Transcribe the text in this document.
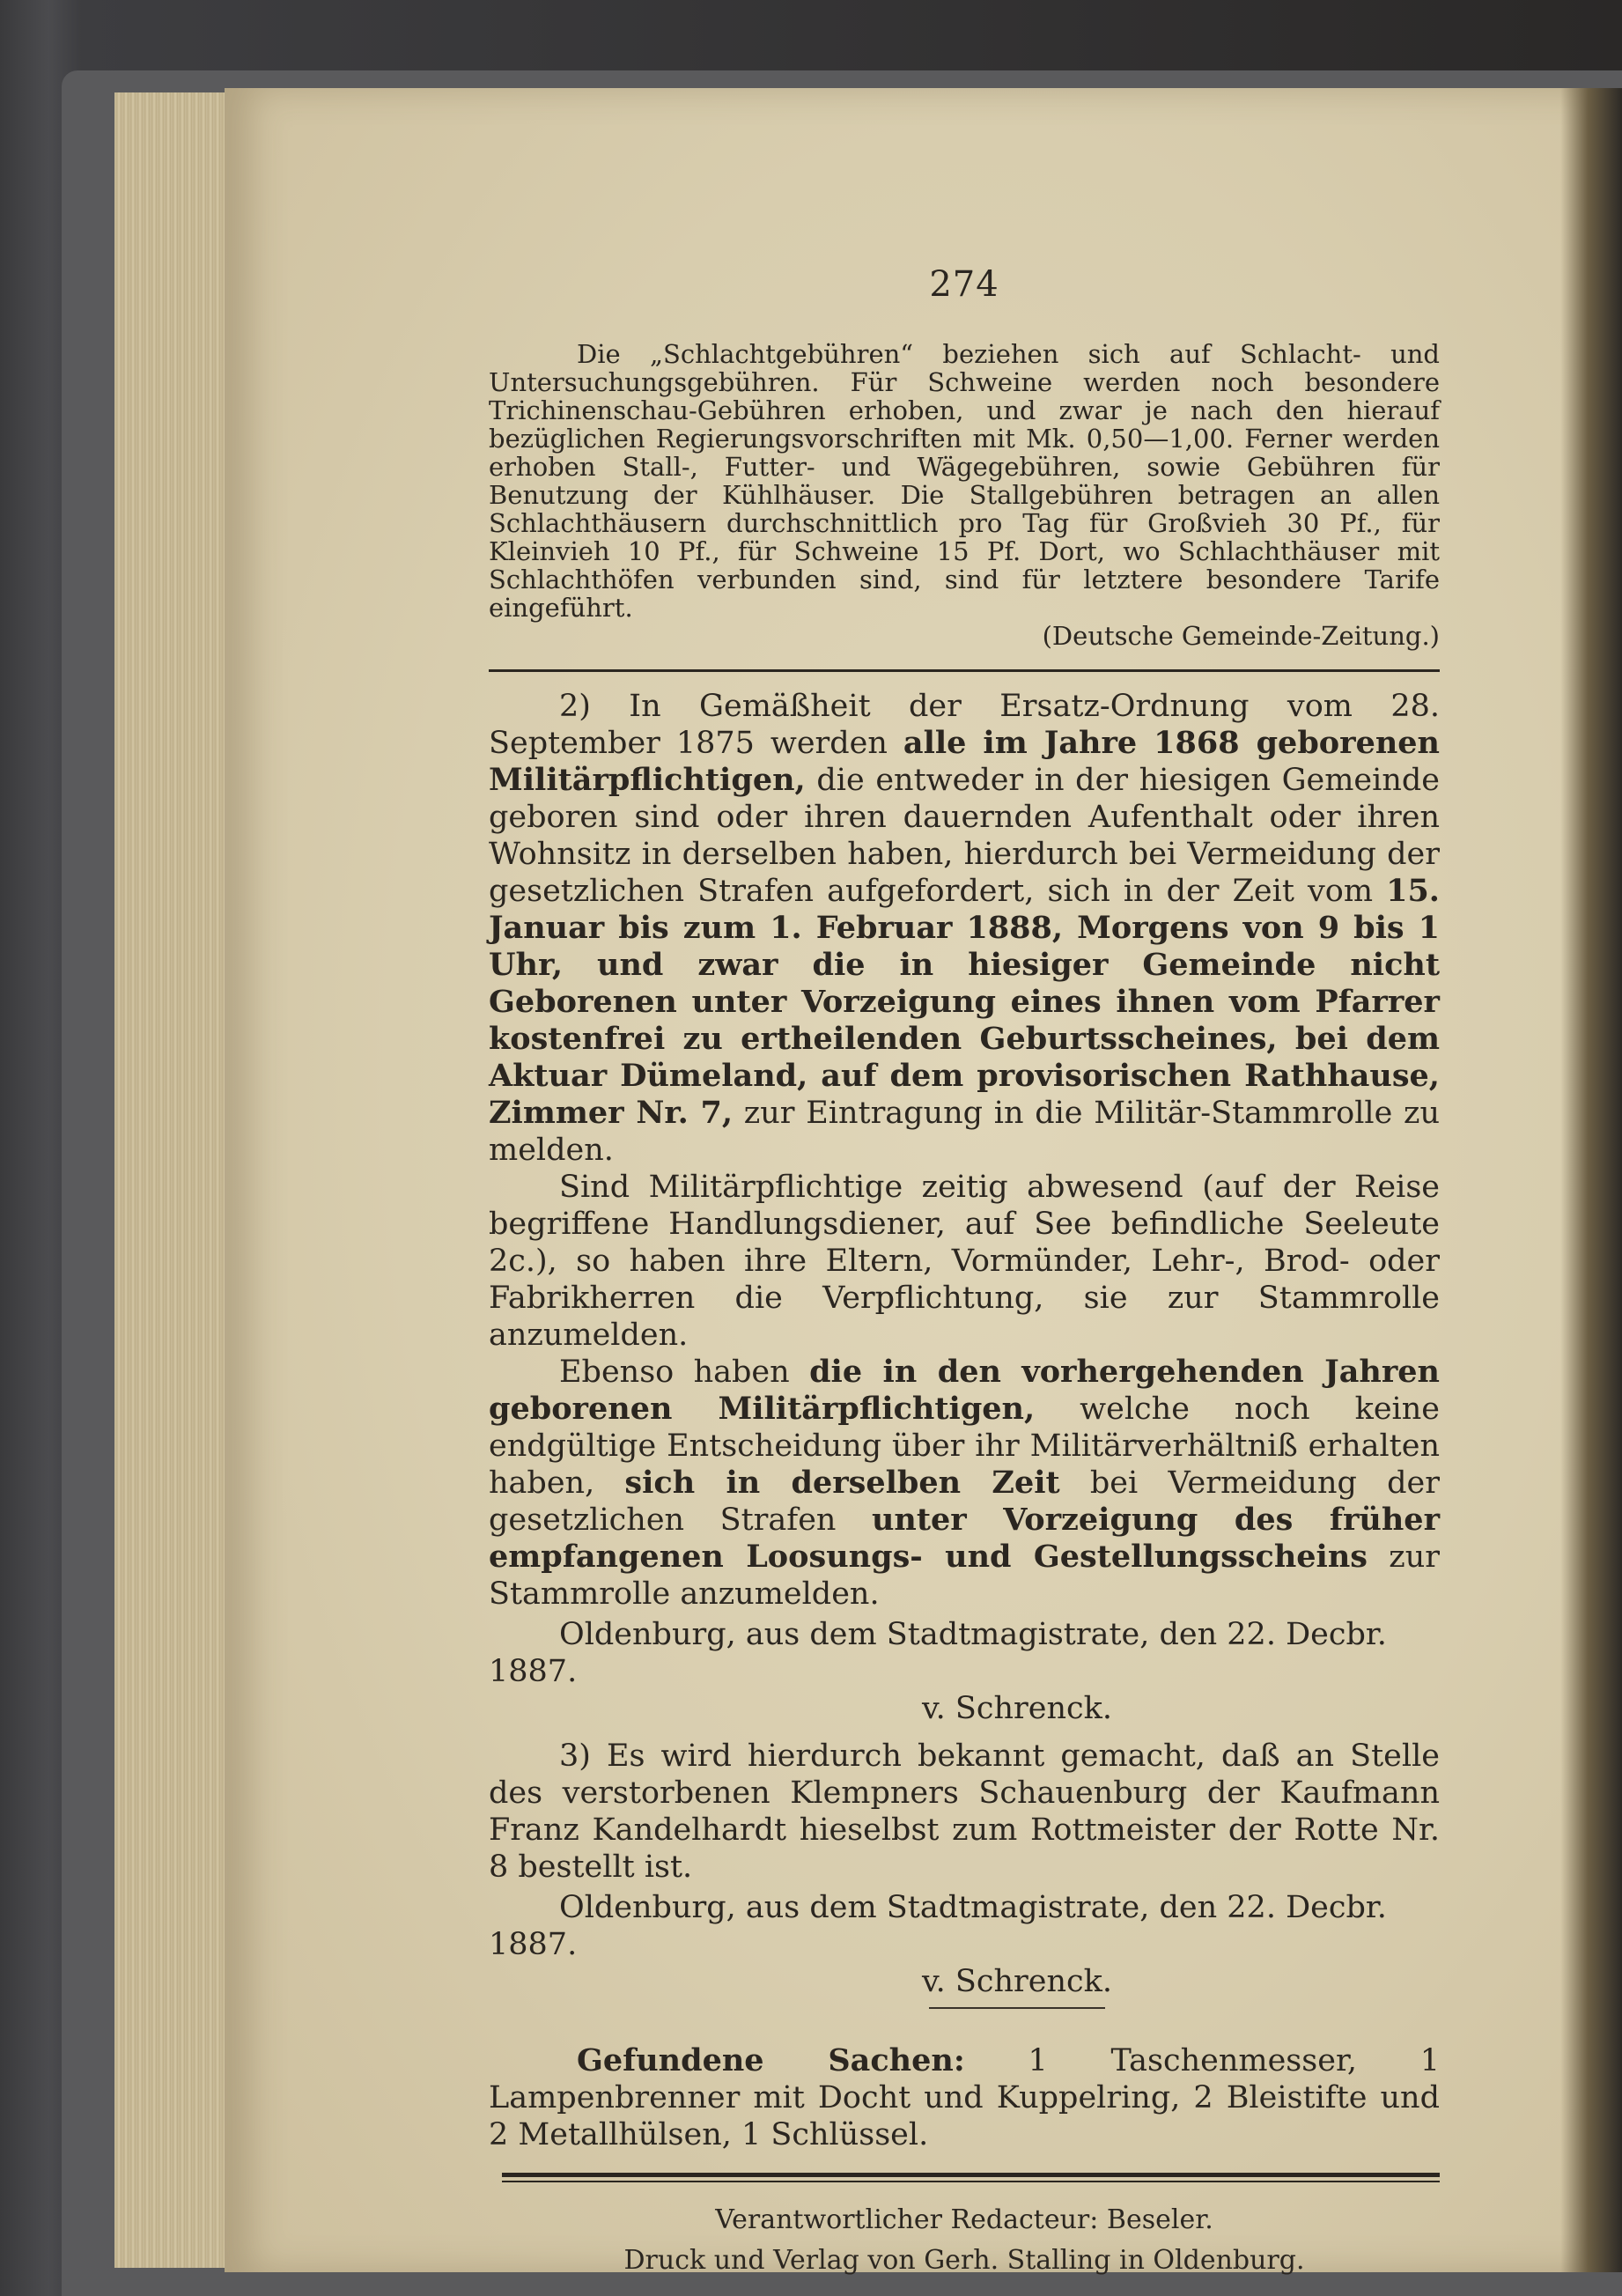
274

Die „Schlachtgebühren“ beziehen sich auf Schlacht- und Untersuchungsgebühren. Für Schweine werden noch besondere Trichinenschau-Gebühren erhoben, und zwar je nach den hierauf bezüglichen Regierungsvorschriften mit Mk. 0,50—1,00. Ferner werden erhoben Stall-, Futter- und Wägegebühren, sowie Gebühren für Benutzung der Kühlhäuser. Die Stallgebühren betragen an allen Schlachthäusern durchschnittlich pro Tag für Großvieh 30 Pf., für Kleinvieh 10 Pf., für Schweine 15 Pf. Dort, wo Schlachthäuser mit Schlachthöfen verbunden sind, sind für letztere besondere Tarife eingeführt.

(Deutsche Gemeinde-Zeitung.)

2) In Gemäßheit der Ersatz-Ordnung vom 28. September 1875 werden alle im Jahre 1868 geborenen Militärpflichtigen, die entweder in der hiesigen Gemeinde geboren sind oder ihren dauernden Aufenthalt oder ihren Wohnsitz in derselben haben, hierdurch bei Vermeidung der gesetzlichen Strafen aufgefordert, sich in der Zeit vom 15. Januar bis zum 1. Februar 1888, Morgens von 9 bis 1 Uhr, und zwar die in hiesiger Gemeinde nicht Geborenen unter Vorzeigung eines ihnen vom Pfarrer kostenfrei zu ertheilenden Geburtsscheines, bei dem Aktuar Dümeland, auf dem provisorischen Rathhause, Zimmer Nr. 7, zur Eintragung in die Militär-Stammrolle zu melden.

Sind Militärpflichtige zeitig abwesend (auf der Reise begriffene Handlungsdiener, auf See befindliche Seeleute 2c.), so haben ihre Eltern, Vormünder, Lehr-, Brod- oder Fabrikherren die Verpflichtung, sie zur Stammrolle anzumelden.

Ebenso haben die in den vorhergehenden Jahren geborenen Militärpflichtigen, welche noch keine endgültige Entscheidung über ihr Militärverhältniß erhalten haben, sich in derselben Zeit bei Vermeidung der gesetzlichen Strafen unter Vorzeigung des früher empfangenen Loosungs- und Gestellungsscheins zur Stammrolle anzumelden.

Oldenburg, aus dem Stadtmagistrate, den 22. Decbr. 1887.

v. Schrenck.

3) Es wird hierdurch bekannt gemacht, daß an Stelle des verstorbenen Klempners Schauenburg der Kaufmann Franz Kandelhardt hieselbst zum Rottmeister der Rotte Nr. 8 bestellt ist.

Oldenburg, aus dem Stadtmagistrate, den 22. Decbr. 1887.

v. Schrenck.

Gefundene Sachen: 1 Taschenmesser, 1 Lampenbrenner mit Docht und Kuppelring, 2 Bleistifte und 2 Metallhülsen, 1 Schlüssel.

Verantwortlicher Redacteur: Beseler.

Druck und Verlag von Gerh. Stalling in Oldenburg.
